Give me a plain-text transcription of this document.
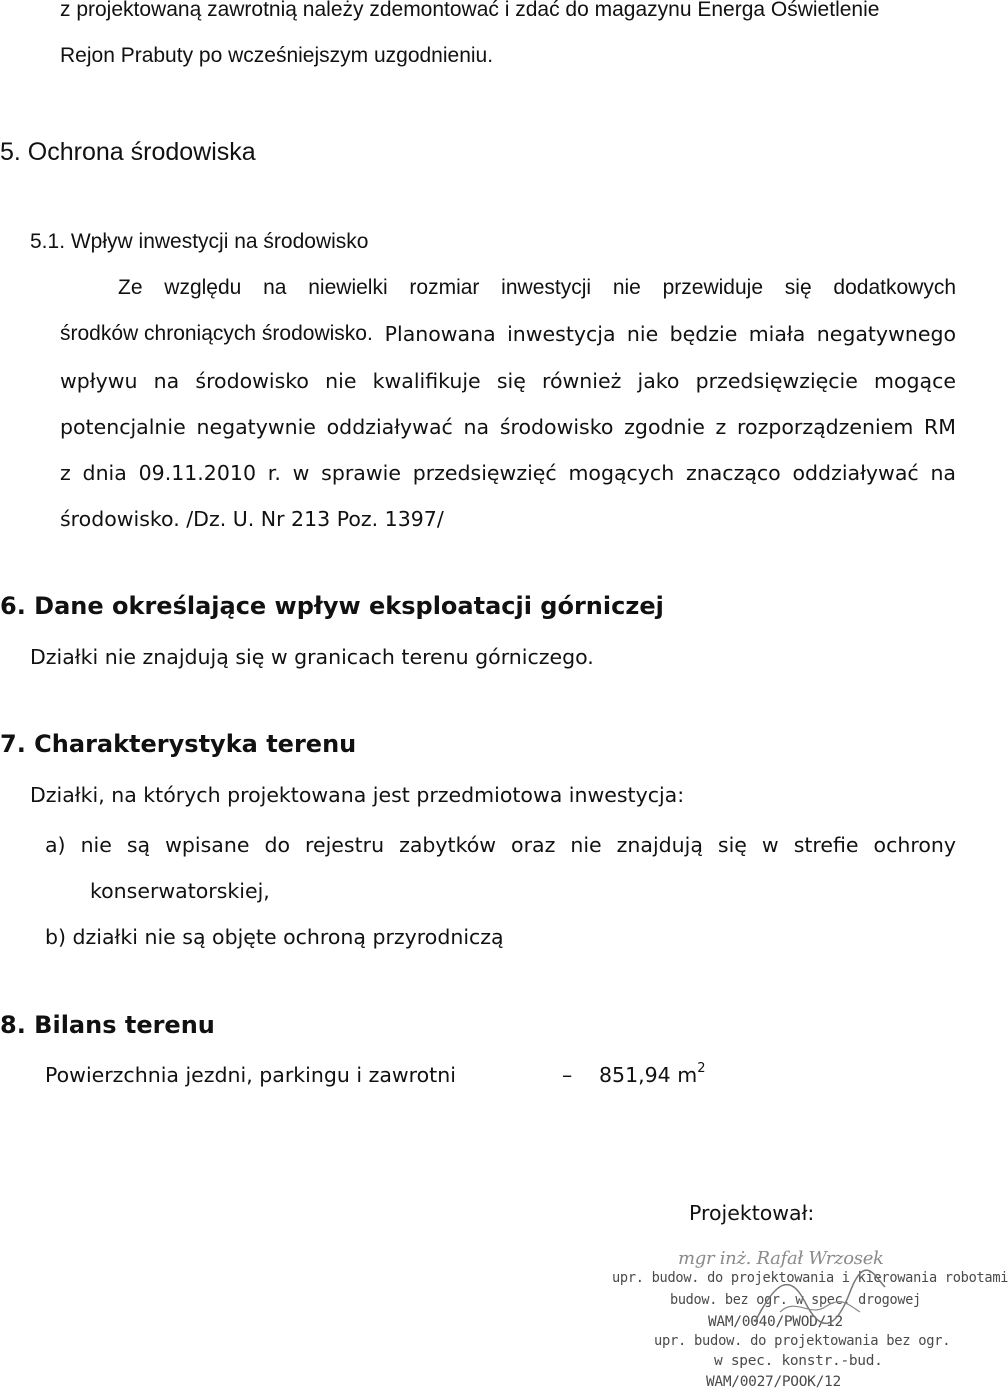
z projektowaną zawrotnią należy zdemontować i zdać do magazynu Energa Oświetlenie

Rejon Prabuty po wcześniejszym uzgodnieniu.

5. Ochrona środowiska
5.1. Wpływ inwestycji na środowisko
Ze względu na niewielki rozmiar inwestycji nie przewiduje się dodatkowych
środków chroniących środowisko. Planowana inwestycja nie będzie miała negatywnego
wpływu na środowisko nie kwalifikuje się również jako przedsięwzięcie mogące
potencjalnie negatywnie oddziaływać na środowisko zgodnie z rozporządzeniem RM
z dnia 09.11.2010 r. w sprawie przedsięwzięć mogących znacząco oddziaływać na

środowisko. /Dz. U. Nr 213 Poz. 1397/

6. Dane określające wpływ eksploatacji górniczej

Działki nie znajdują się w granicach terenu górniczego.

7. Charakterystyka terenu

Działki, na których projektowana jest przedmiotowa inwestycja:

a) nie są wpisane do rejestru zabytków oraz nie znajdują się w strefie ochrony

konserwatorskiej,

b) działki nie są objęte ochroną przyrodniczą

8. Bilans terenu

Powierzchnia jezdni, parkingu i zawrotni	– 851,94 $m^2$

Projektował:

mgr inż. Rafał Wrzosek
upr. budow. do projektowania i kierowania robotami
budow. bez ogr. w spec. drogowej
WAM/0040/PWOD/12
upr. budow. do projektowania bez ogr.
w spec. konstr.-bud.
WAM/0027/POOK/12
